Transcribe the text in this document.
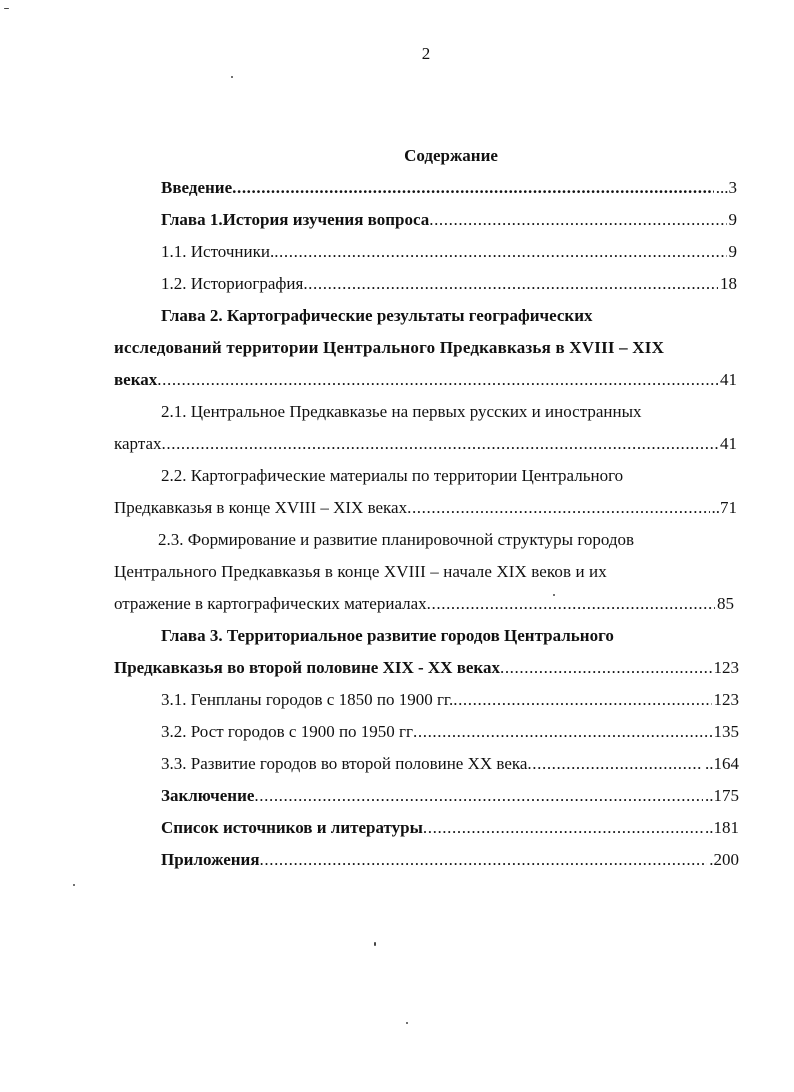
2
Содержание
Введение .....	...3
Глава 1.История изучения вопроса .....	9
1.1. Источники. .....	9
1.2. Историография .....	18
Глава 2. Картографические результаты географических
исследований территории Центрального Предкавказья в XVIII – XIX
веках .....	41
2.1. Центральное Предкавказье на первых русских и иностранных
картах .....	41
2.2. Картографические материалы по территории Центрального
Предкавказья в конце XVIII – XIX веках .....	..71
2.3. Формирование и развитие планировочной структуры городов
Центрального Предкавказья в конце XVIII – начале XIX веков и их
отражение в картографических материалах .....	85
Глава 3. Территориальное развитие городов Центрального
Предкавказья во второй половине XIX - XX веках .....	123
3.1. Генпланы городов с 1850 по 1900 гг. .....	123
3.2. Рост городов с 1900 по 1950 гг .....	135
3.3. Развитие городов во второй половине XX века .....	..164
Заключение .....	..175
Список источников и литературы .....	..181
Приложения .....	.200
